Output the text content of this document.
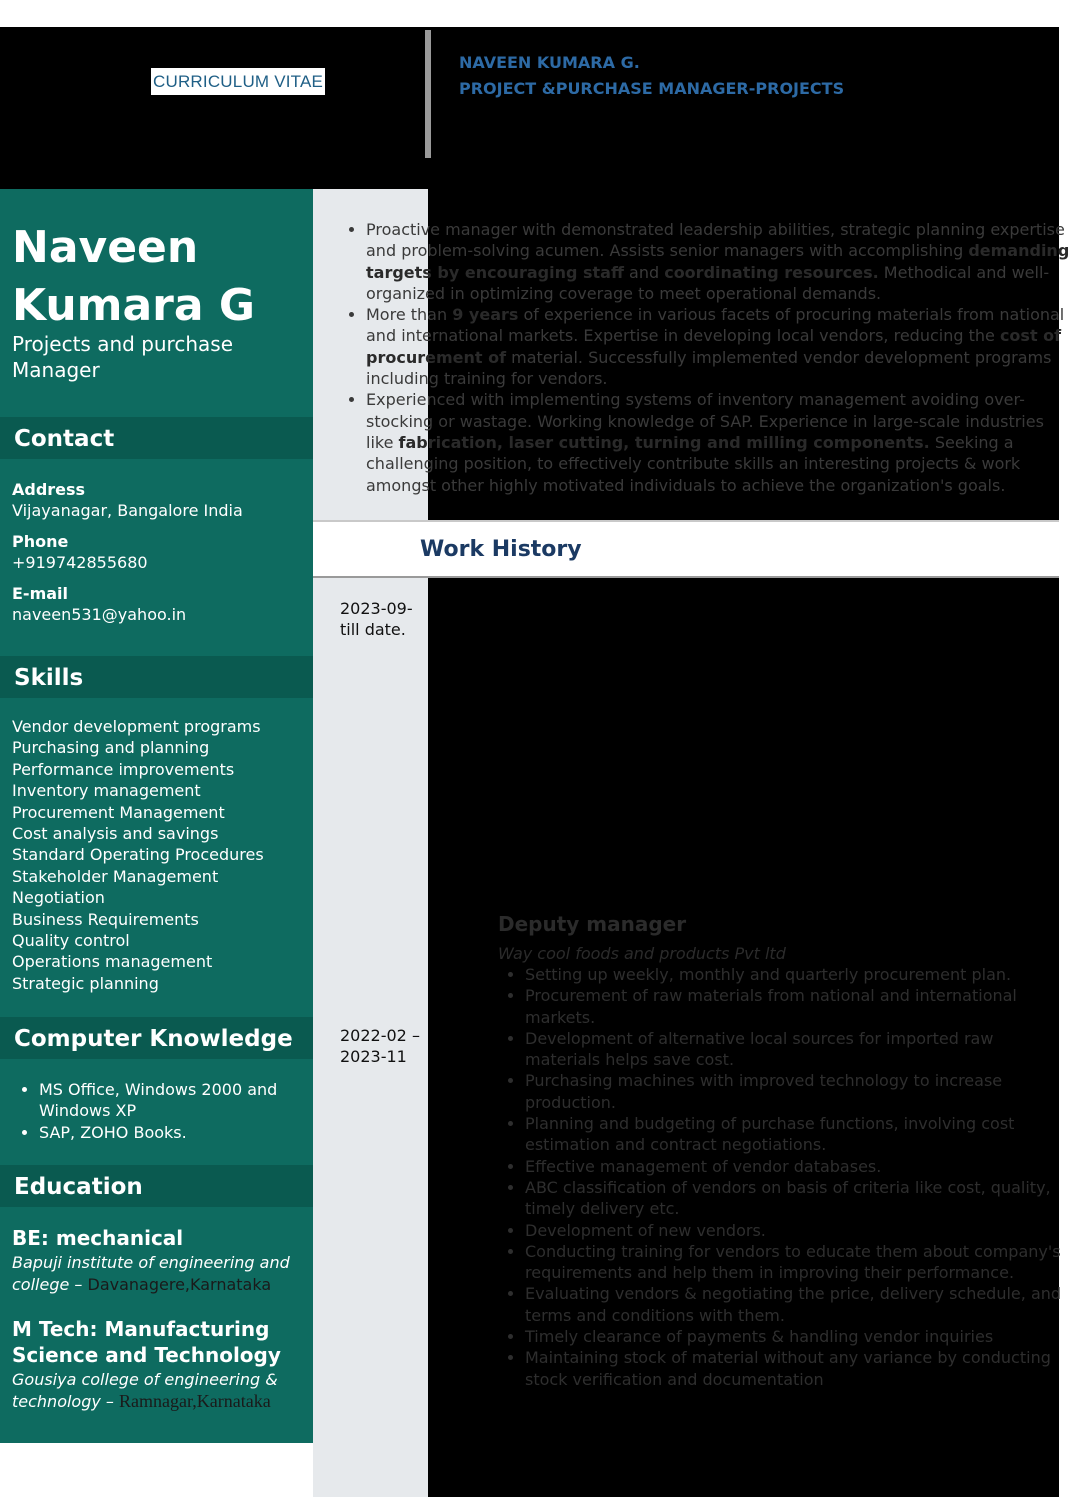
CURRICULUM VITAE
NAVEEN KUMARA G.
PROJECT &PURCHASE MANAGER-PROJECTS
Naveen
Kumara G
Projects and purchase Manager
Contact
Address
Vijayanagar, Bangalore India
Phone
+919742855680
E-mail
naveen531@yahoo.in
Skills
Vendor development programs
Purchasing and planning
Performance improvements
Inventory management
Procurement Management
Cost analysis and savings
Standard Operating Procedures
Stakeholder Management
Negotiation
Business Requirements
Quality control
Operations management
Strategic planning
Computer Knowledge
• MS Office, Windows 2000 and Windows XP
• SAP, ZOHO Books.
Education
BE: mechanical
Bapuji institute of engineering and college – Davanagere,Karnataka
M Tech: Manufacturing Science and Technology
Gousiya college of engineering & technology – Ramnagar,Karnataka
• Proactive manager with demonstrated leadership abilities, strategic planning expertise and problem-solving acumen. Assists senior managers with accomplishing demanding targets by encouraging staff and coordinating resources. Methodical and well-organized in optimizing coverage to meet operational demands.
• More than 9 years of experience in various facets of procuring materials from national and international markets. Expertise in developing local vendors, reducing the cost of procurement of material. Successfully implemented vendor development programs including training for vendors.
• Experienced with implementing systems of inventory management avoiding over-stocking or wastage. Working knowledge of SAP. Experience in large-scale industries like fabrication, laser cutting, turning and milling components. Seeking a challenging position, to effectively contribute skills an interesting projects & work amongst other highly motivated individuals to achieve the organization's goals.
Work History
2023-09-till date.
2022-02 – 2023-11
Deputy manager
Way cool foods and products Pvt ltd
• Setting up weekly, monthly and quarterly procurement plan.
• Procurement of raw materials from national and international markets.
• Development of alternative local sources for imported raw materials helps save cost.
• Purchasing machines with improved technology to increase production.
• Planning and budgeting of purchase functions, involving cost estimation and contract negotiations.
• Effective management of vendor databases.
• ABC classification of vendors on basis of criteria like cost, quality, timely delivery etc.
• Development of new vendors.
• Conducting training for vendors to educate them about company's requirements and help them in improving their performance.
• Evaluating vendors & negotiating the price, delivery schedule, and terms and conditions with them.
• Timely clearance of payments & handling vendor inquiries
• Maintaining stock of material without any variance by conducting stock verification and documentation
